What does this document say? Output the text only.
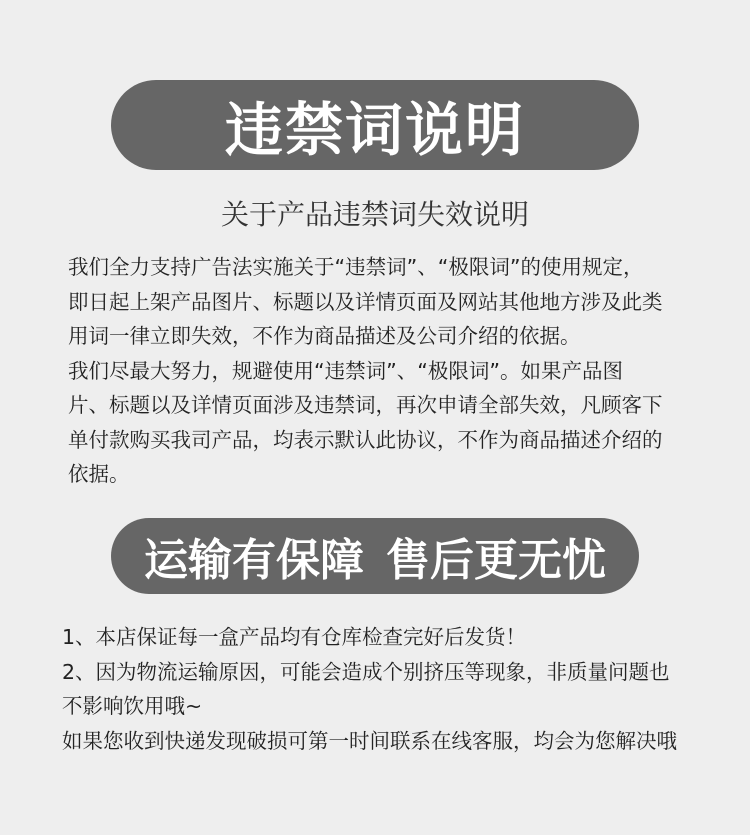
违禁词说明
关于产品违禁词失效说明
我们全力支持广告法实施关于“违禁词”、“极限词”的使用规定，
即日起上架产品图片、标题以及详情页面及网站其他地方涉及此类
用词一律立即失效，不作为商品描述及公司介绍的依据。
我们尽最大努力，规避使用“违禁词”、“极限词”。如果产品图
片、标题以及详情页面涉及违禁词，再次申请全部失效，凡顾客下
单付款购买我司产品，均表示默认此协议，不作为商品描述介绍的
依据。
运输有保障 售后更无忧
1、本店保证每一盒产品均有仓库检查完好后发货！
2、因为物流运输原因，可能会造成个别挤压等现象，非质量问题也
不影响饮用哦~
如果您收到快递发现破损可第一时间联系在线客服，均会为您解决哦
